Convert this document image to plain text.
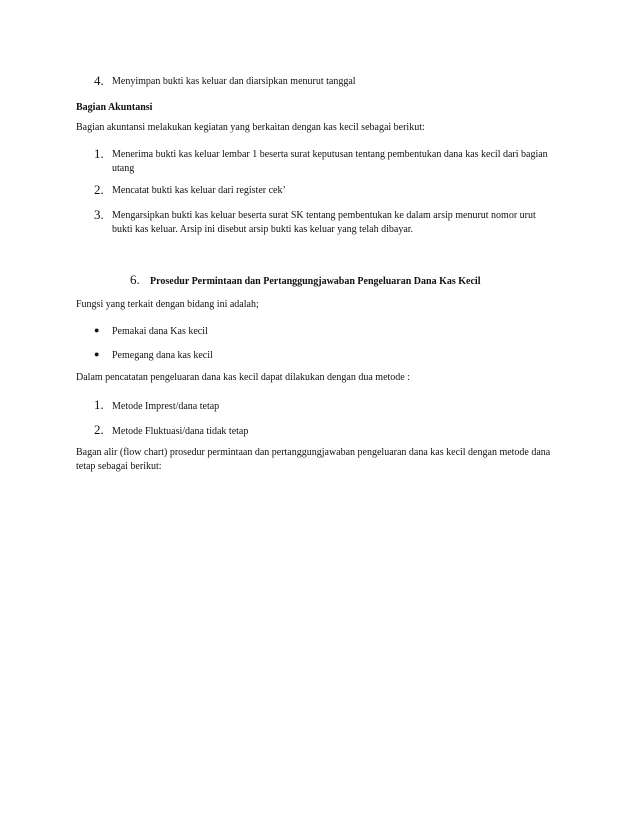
4. Menyimpan bukti kas keluar dan diarsipkan menurut tanggal
Bagian Akuntansi
Bagian akuntansi melakukan kegiatan yang berkaitan dengan kas kecil sebagai berikut:
1. Menerima bukti kas keluar lembar 1 beserta surat keputusan tentang pembentukan dana kas kecil dari bagian utang
2. Mencatat bukti kas keluar dari register cek’
3. Mengarsipkan bukti kas keluar beserta surat SK tentang pembentukan ke dalam arsip menurut nomor urut bukti kas keluar. Arsip ini disebut arsip bukti kas keluar yang telah dibayar.
6. Prosedur Permintaan dan Pertanggungjawaban Pengeluaran Dana Kas Kecil
Fungsi yang terkait dengan bidang ini adalah;
● Pemakai dana Kas kecil
● Pemegang dana kas kecil
Dalam pencatatan pengeluaran dana kas kecil dapat dilakukan dengan dua metode :
1. Metode Imprest/dana tetap
2. Metode Fluktuasi/dana tidak tetap
Bagan alir (flow chart) prosedur permintaan dan pertanggungjawaban pengeluaran dana kas kecil dengan metode dana tetap sebagai berikut:
